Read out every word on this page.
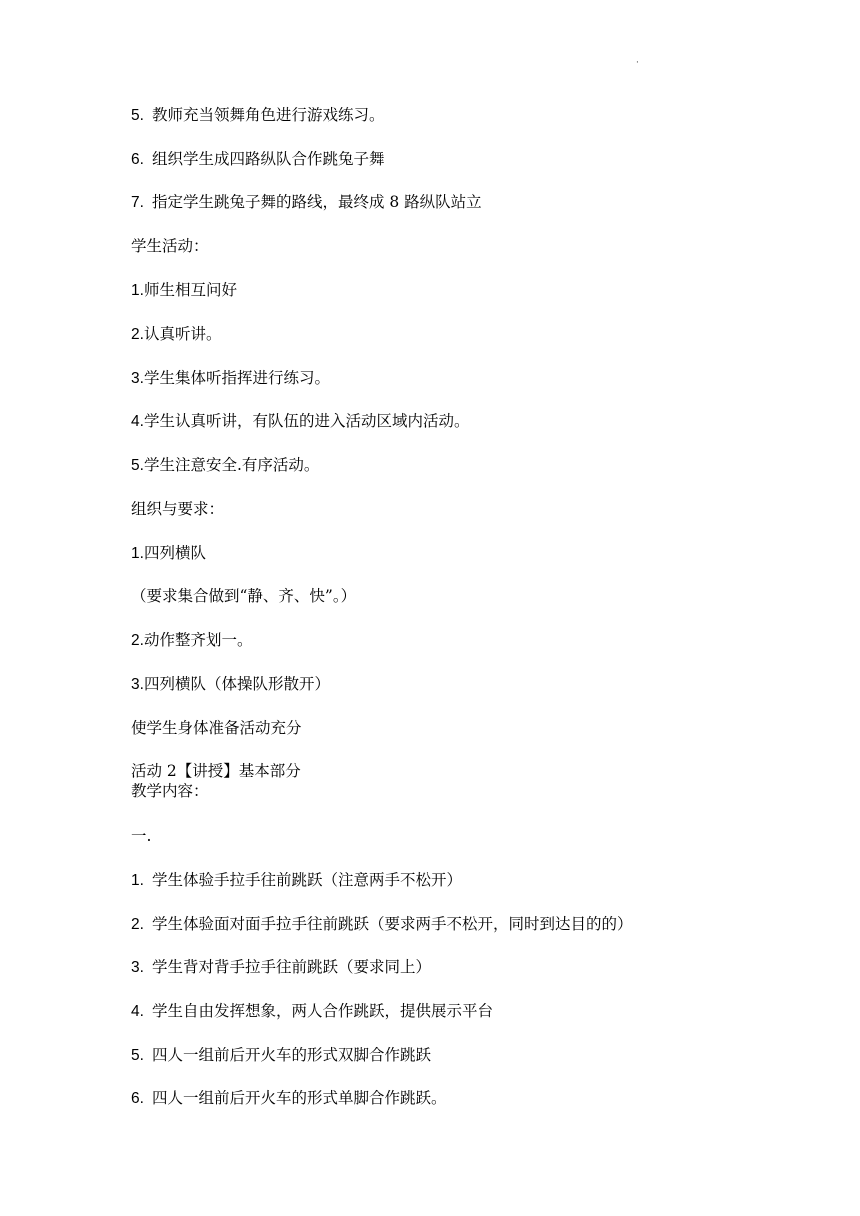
·
5. 教师充当领舞角色进行游戏练习。
6. 组织学生成四路纵队合作跳兔子舞
7. 指定学生跳兔子舞的路线，最终成 8 路纵队站立
学生活动：
1.师生相互问好
2.认真听讲。
3.学生集体听指挥进行练习。
4.学生认真听讲，有队伍的进入活动区域内活动。
5.学生注意安全.有序活动。
组织与要求：
1.四列横队
（要求集合做到“静、齐、快”。）
2.动作整齐划一。
3.四列横队（体操队形散开）
使学生身体准备活动充分
活动 2【讲授】基本部分
教学内容：
一.
1. 学生体验手拉手往前跳跃（注意两手不松开）
2. 学生体验面对面手拉手往前跳跃（要求两手不松开，同时到达目的的）
3. 学生背对背手拉手往前跳跃（要求同上）
4. 学生自由发挥想象，两人合作跳跃，提供展示平台
5. 四人一组前后开火车的形式双脚合作跳跃
6. 四人一组前后开火车的形式单脚合作跳跃。
